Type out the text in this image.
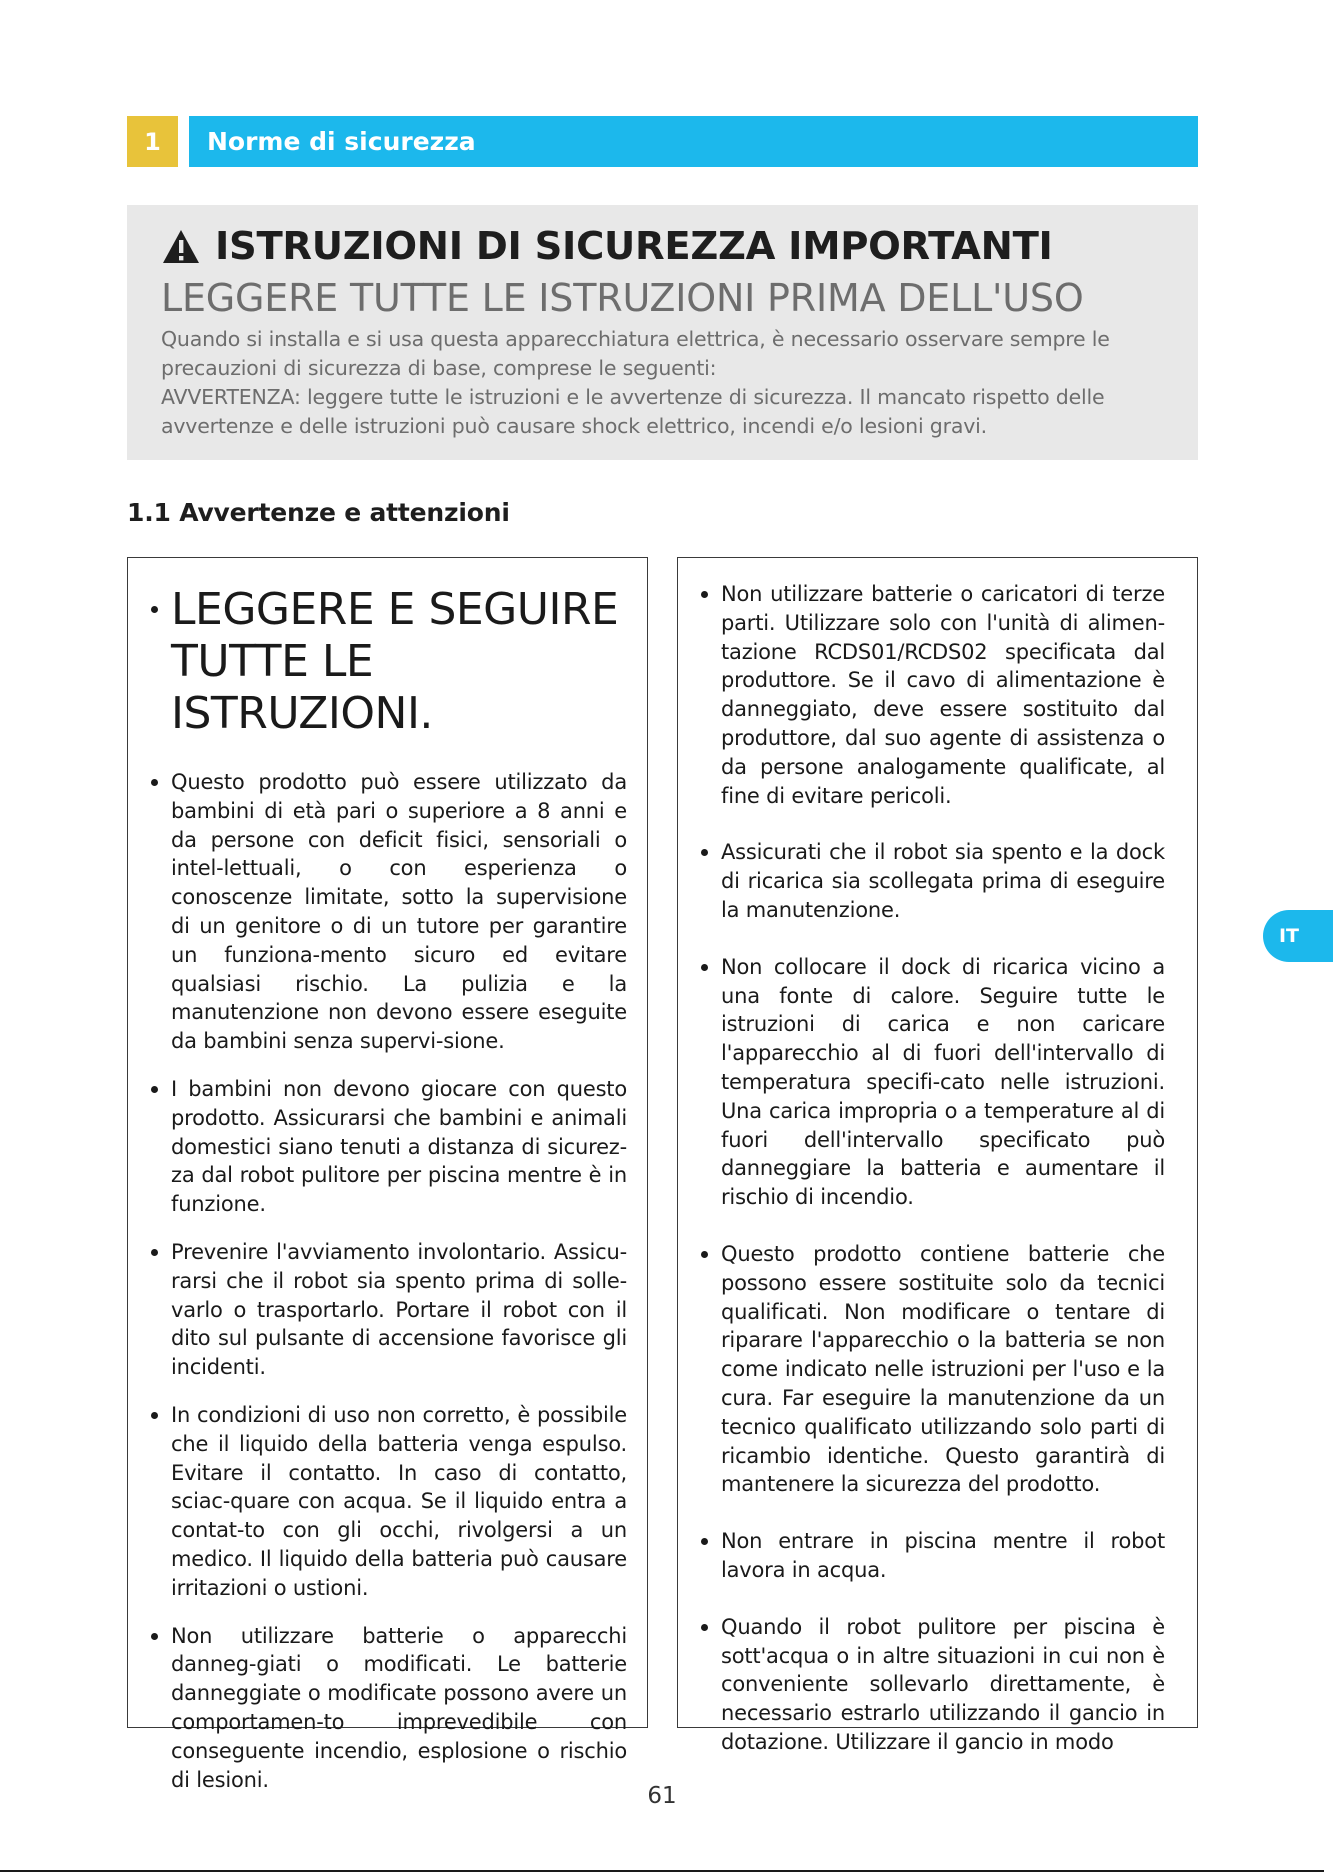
1	Norme di sicurezza
ISTRUZIONI DI SICUREZZA IMPORTANTI
LEGGERE TUTTE LE ISTRUZIONI PRIMA DELL'USO
Quando si installa e si usa questa apparecchiatura elettrica, è necessario osservare sempre le precauzioni di sicurezza di base, comprese le seguenti:
AVVERTENZA: leggere tutte le istruzioni e le avvertenze di sicurezza. Il mancato rispetto delle avvertenze e delle istruzioni può causare shock elettrico, incendi e/o lesioni gravi.
1.1 Avvertenze e attenzioni
LEGGERE E SEGUIRE TUTTE LE ISTRUZIONI.
Questo prodotto può essere utilizzato da bambini di età pari o superiore a 8 anni e da persone con deficit fisici, sensoriali o intel-lettuali, o con esperienza o conoscenze limitate, sotto la supervisione di un genitore o di un tutore per garantire un funziona-mento sicuro ed evitare qualsiasi rischio. La pulizia e la manutenzione non devono essere eseguite da bambini senza supervi-sione.
I bambini non devono giocare con questo prodotto. Assicurarsi che bambini e animali domestici siano tenuti a distanza di sicurez-za dal robot pulitore per piscina mentre è in funzione.
Prevenire l'avviamento involontario. Assicu-rarsi che il robot sia spento prima di solle-varlo o trasportarlo. Portare il robot con il dito sul pulsante di accensione favorisce gli incidenti.
In condizioni di uso non corretto, è possibile che il liquido della batteria venga espulso. Evitare il contatto. In caso di contatto, sciac-quare con acqua. Se il liquido entra a contat-to con gli occhi, rivolgersi a un medico. Il liquido della batteria può causare irritazioni o ustioni.
Non utilizzare batterie o apparecchi danneg-giati o modificati. Le batterie danneggiate o modificate possono avere un comportamen-to imprevedibile con conseguente incendio, esplosione o rischio di lesioni.
Non utilizzare batterie o caricatori di terze parti. Utilizzare solo con l'unità di alimen-tazione RCDS01/RCDS02 specificata dal produttore. Se il cavo di alimentazione è danneggiato, deve essere sostituito dal produttore, dal suo agente di assistenza o da persone analogamente qualificate, al fine di evitare pericoli.
Assicurati che il robot sia spento e la dock di ricarica sia scollegata prima di eseguire la manutenzione.
Non collocare il dock di ricarica vicino a una fonte di calore. Seguire tutte le istruzioni di carica e non caricare l'apparecchio al di fuori dell'intervallo di temperatura specifi-cato nelle istruzioni. Una carica impropria o a temperature al di fuori dell'intervallo specificato può danneggiare la batteria e aumentare il rischio di incendio.
Questo prodotto contiene batterie che possono essere sostituite solo da tecnici qualificati. Non modificare o tentare di riparare l'apparecchio o la batteria se non come indicato nelle istruzioni per l'uso e la cura. Far eseguire la manutenzione da un tecnico qualificato utilizzando solo parti di ricambio identiche. Questo garantirà di mantenere la sicurezza del prodotto.
Non entrare in piscina mentre il robot lavora in acqua.
Quando il robot pulitore per piscina è sott'acqua o in altre situazioni in cui non è conveniente sollevarlo direttamente, è necessario estrarlo utilizzando il gancio in dotazione. Utilizzare il gancio in modo
IT
61
